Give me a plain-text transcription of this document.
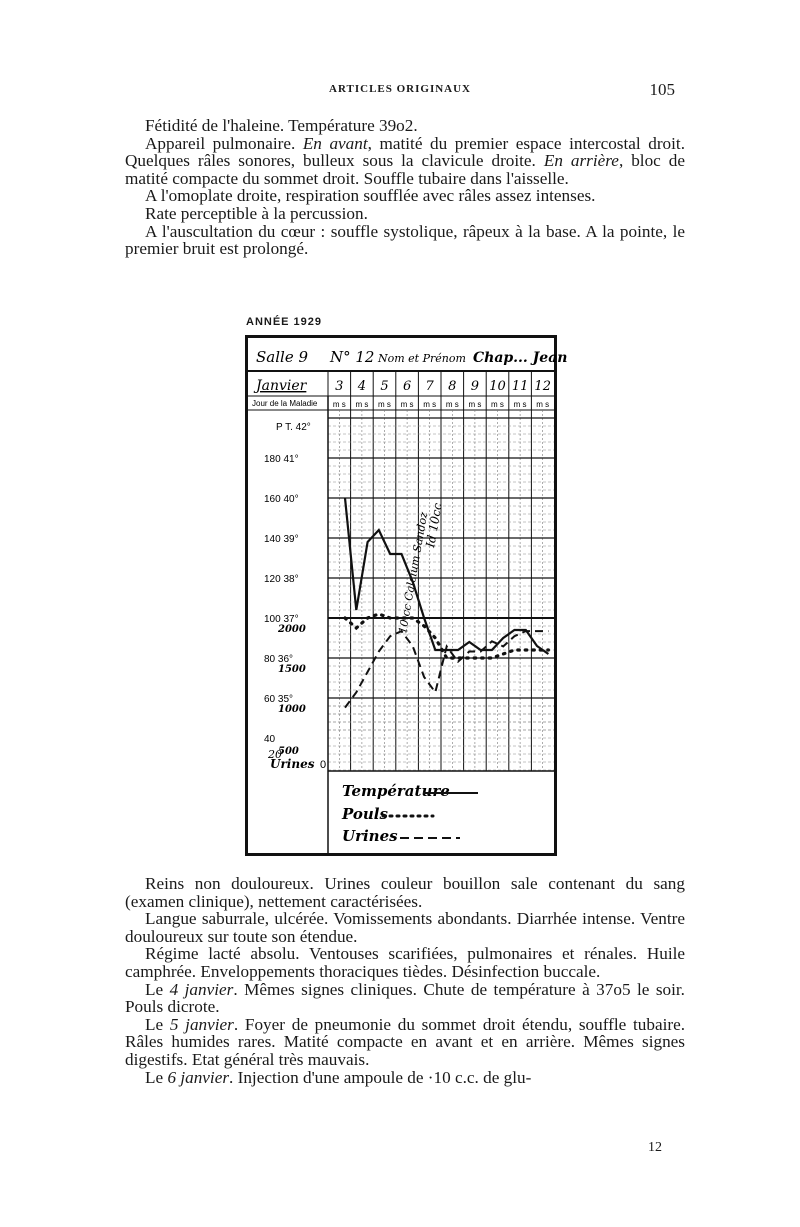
ARTICLES ORIGINAUX	105

Fétidité de l'haleine. Température 39o2.

Appareil pulmonaire. En avant, matité du premier espace intercostal droit. Quelques râles sonores, bulleux sous la clavicule droite. En arrière, bloc de matité compacte du sommet droit. Souffle tubaire dans l'aisselle.

A l'omoplate droite, respiration soufflée avec râles assez intenses.

Rate perceptible à la percussion.

A l'auscultation du cœur : souffle systolique, râpeux à la base. A la pointe, le premier bruit est prolongé.

ANNÉE 1929
Salle 9 N° 12 Nom et Prénom Chap... Jean
Janvier 3 4 5 6 7 8 9 10 11 12
Jour de la Maladie m s m s m s m s m s m s m s m s m s m s
P T. 42°
180 41°
160 40°
140 39°
120 38°
100 37°
80 36°
60 35°
40
2000
1500
1000
500
20
Urines 0
10 cc Calcium Sandoz
Id 10cc
Température
Pouls
Urines

Reins non douloureux. Urines couleur bouillon sale contenant du sang (examen clinique), nettement caractérisées.

Langue saburrale, ulcérée. Vomissements abondants. Diarrhée intense. Ventre douloureux sur toute son étendue.

Régime lacté absolu. Ventouses scarifiées, pulmonaires et rénales. Huile camphrée. Enveloppements thoraciques tièdes. Désinfection buccale.

Le 4 janvier. Mêmes signes cliniques. Chute de température à 37o5 le soir. Pouls dicrote.

Le 5 janvier. Foyer de pneumonie du sommet droit étendu, souffle tubaire. Râles humides rares. Matité compacte en avant et en arrière. Mêmes signes digestifs. Etat général très mauvais.

Le 6 janvier. Injection d'une ampoule de ·10 c.c. de glu-

12
